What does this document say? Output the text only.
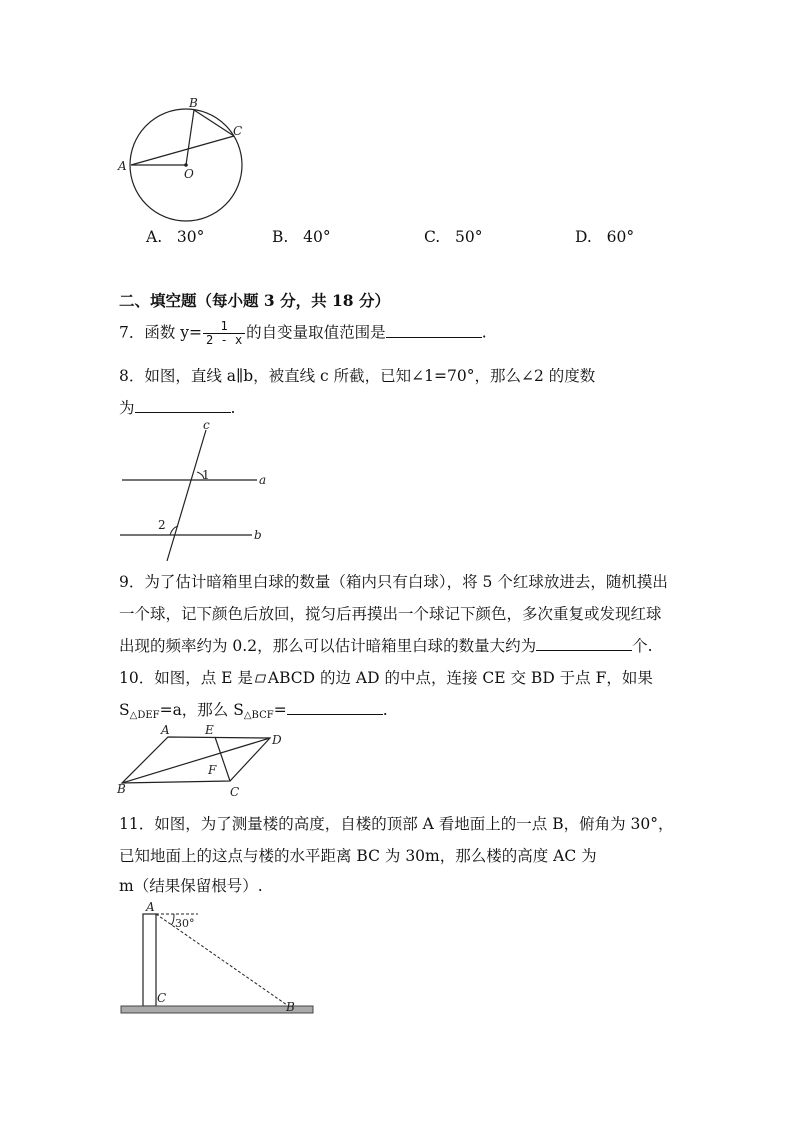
B
C
A
O
A. 30°	B. 40°	C. 50°	D. 60°
二、填空题（每小题 3 分，共 18 分）
7．函数 $y= \frac{1}{2 - x}$ 的自变量取值范围是	.
8．如图，直线 a∥b，被直线 c 所截，已知∠1=70°，那么∠2 的度数
为	.
c
1	a
2
b
9．为了估计暗箱里白球的数量（箱内只有白球），将 5 个红球放进去，随机摸出
一个球，记下颜色后放回，搅匀后再摸出一个球记下颜色，多次重复或发现红球
出现的频率约为 0.2，那么可以估计暗箱里白球的数量大约为	个.
10．如图，点 E 是 ABCD 的边 AD 的中点，连接 CE 交 BD 于点 F，如果
$S_{\triangle DEF}=a$，那么 $S_{\triangle BCF}=$	.
A	E
D
F
B	C
11．如图，为了测量楼的高度，自楼的顶部 A 看地面上的一点 B，俯角为 30°，
已知地面上的这点与楼的水平距离 BC 为 30m，那么楼的高度 AC 为
m（结果保留根号）.
A
30°
C
B
